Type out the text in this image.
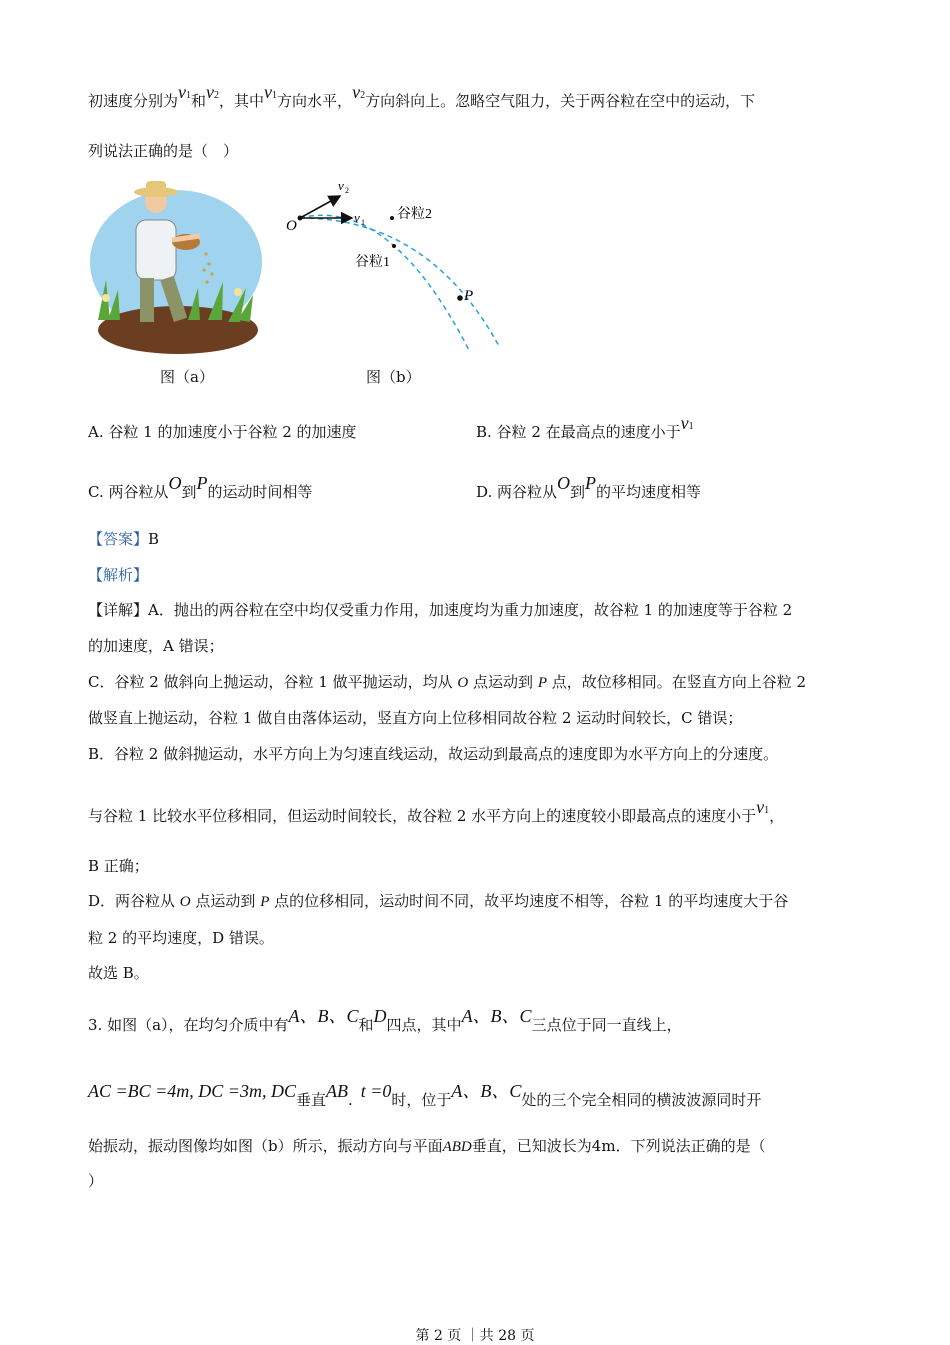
初速度分别为v1和v2，其中v1方向水平，v2方向斜向上。忽略空气阻力，关于两谷粒在空中的运动，下
列说法正确的是（　）
图（a）
O
P
v 2
v 1
谷粒2
谷粒1
图（b）
A. 谷粒 1 的加速度小于谷粒 2 的加速度	B. 谷粒 2 在最高点的速度小于v1
C. 两谷粒从O到P的运动时间相等	D. 两谷粒从O到P的平均速度相等
【答案】B
【解析】
【详解】A．抛出的两谷粒在空中均仅受重力作用，加速度均为重力加速度，故谷粒 1 的加速度等于谷粒 2
的加速度，A 错误；
C．谷粒 2 做斜向上抛运动，谷粒 1 做平抛运动，均从 O 点运动到 P 点，故位移相同。在竖直方向上谷粒 2
做竖直上抛运动，谷粒 1 做自由落体运动，竖直方向上位移相同故谷粒 2 运动时间较长，C 错误；
B．谷粒 2 做斜抛运动，水平方向上为匀速直线运动，故运动到最高点的速度即为水平方向上的分速度。
与谷粒 1 比较水平位移相同，但运动时间较长，故谷粒 2 水平方向上的速度较小即最高点的速度小于v1，
B 正确；
D．两谷粒从 O 点运动到 P 点的位移相同，运动时间不同，故平均速度不相等，谷粒 1 的平均速度大于谷
粒 2 的平均速度，D 错误。
故选 B。
3. 如图（a），在均匀介质中有A、B、C和D四点，其中A、B、C三点位于同一直线上，
AC =BC =4m, DC =3m, DC垂直AB. t =0时，位于A、B、C处的三个完全相同的横波波源同时开
始振动，振动图像均如图（b）所示，振动方向与平面ABD垂直，已知波长为4m．下列说法正确的是（
）
第 2 页 ｜共 28 页
